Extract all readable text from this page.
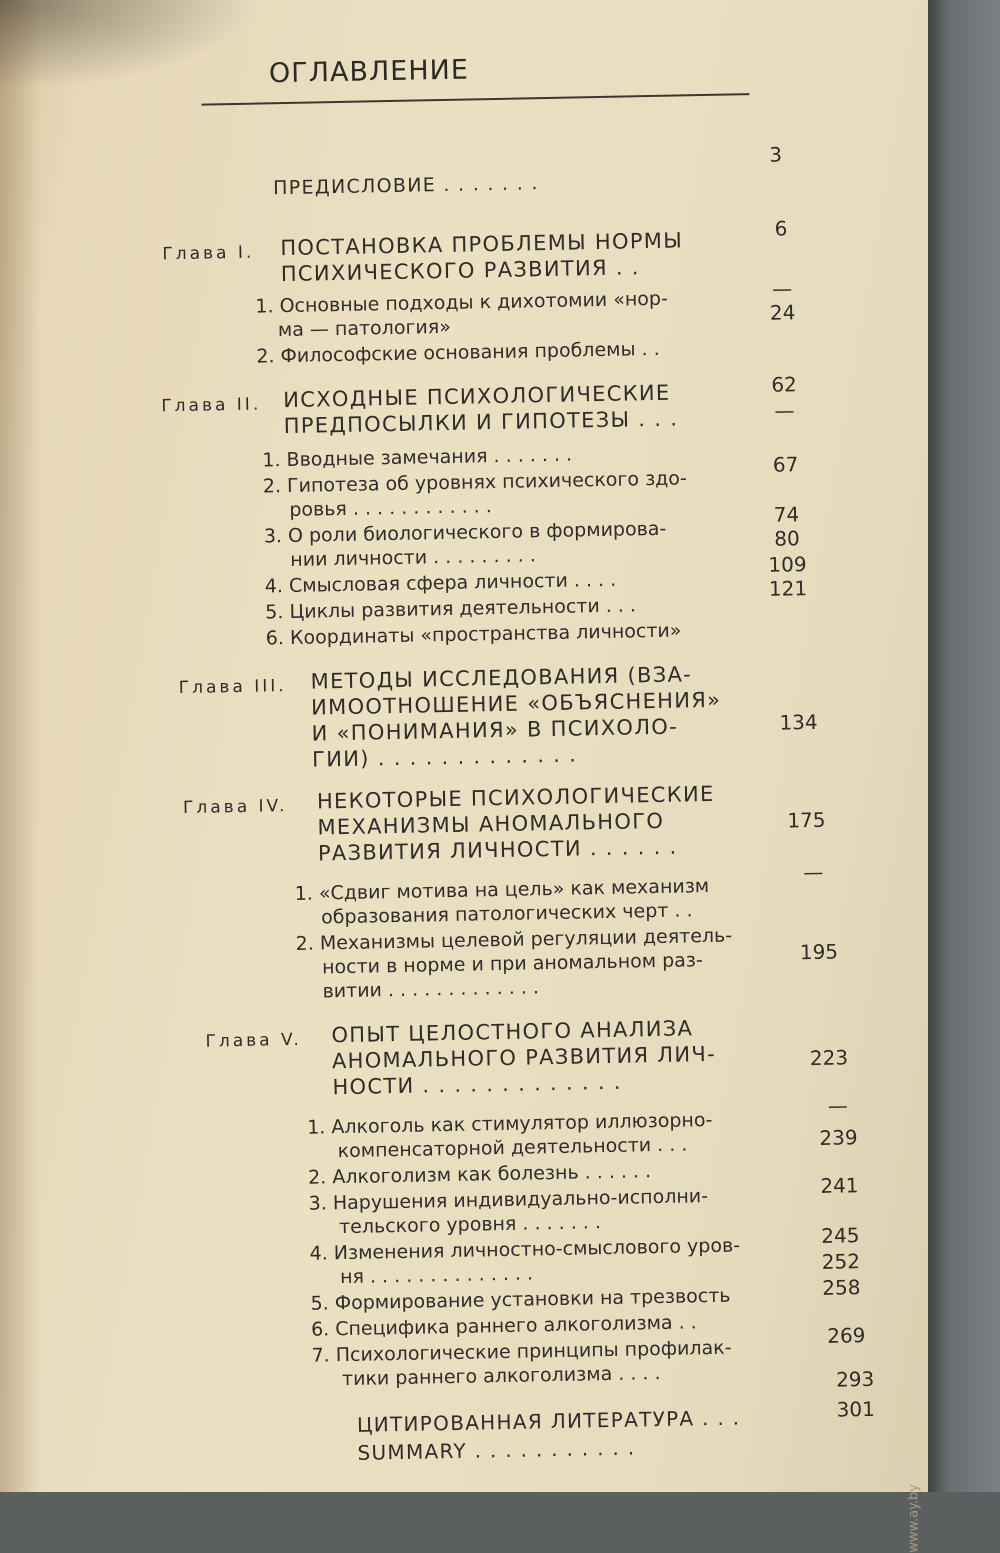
ОГЛАВЛЕНИЕ
ПРЕДИСЛОВИЕ . . . . . . .
3
Глава I. ПОСТАНОВКА ПРОБЛЕМЫ НОРМЫ
ПСИХИЧЕСКОГО РАЗВИТИЯ . .
6
1. Основные подходы к дихотомии «нор-
ма — патология»
—
2. Философские основания проблемы . .
24
Глава II. ИСХОДНЫЕ ПСИХОЛОГИЧЕСКИЕ
ПРЕДПОСЫЛКИ И ГИПОТЕЗЫ . . .
62
1. Вводные замечания . . . . . . .
—
2. Гипотеза об уровнях психического здо-
ровья . . . . . . . . . . . .
67
3. О роли биологического в формирова-
нии личности . . . . . . . . .
74
4. Смысловая сфера личности . . . .
80
5. Циклы развития деятельности . . .
109
6. Координаты «пространства личности»
121
Глава III. МЕТОДЫ ИССЛЕДОВАНИЯ (ВЗА-
ИМООТНОШЕНИЕ «ОБЪЯСНЕНИЯ»
И «ПОНИМАНИЯ» В ПСИХОЛО-
ГИИ) . . . . . . . . . . . . .
134
Глава IV. НЕКОТОРЫЕ ПСИХОЛОГИЧЕСКИЕ
МЕХАНИЗМЫ АНОМАЛЬНОГО
РАЗВИТИЯ ЛИЧНОСТИ . . . . . .
175
1. «Сдвиг мотива на цель» как механизм
образования патологических черт . .
—
2. Механизмы целевой регуляции деятель-
ности в норме и при аномальном раз-
витии . . . . . . . . . . . . .
195
Глава V. ОПЫТ ЦЕЛОСТНОГО АНАЛИЗА
АНОМАЛЬНОГО РАЗВИТИЯ ЛИЧ-
НОСТИ . . . . . . . . . . . . .
223
1. Алкоголь как стимулятор иллюзорно-
компенсаторной деятельности . . .
—
2. Алкоголизм как болезнь . . . . . .
239
3. Нарушения индивидуально-исполни-
тельского уровня . . . . . . .
241
4. Изменения личностно-смыслового уров-
ня . . . . . . . . . . . . . .
245
5. Формирование установки на трезвость
252
6. Специфика раннего алкоголизма . .
258
7. Психологические принципы профилак-
тики раннего алкоголизма . . . .
269
ЦИТИРОВАННАЯ ЛИТЕРАТУРА . . .
293
SUMMARY . . . . . . . . . . .
301
www.ay.by
